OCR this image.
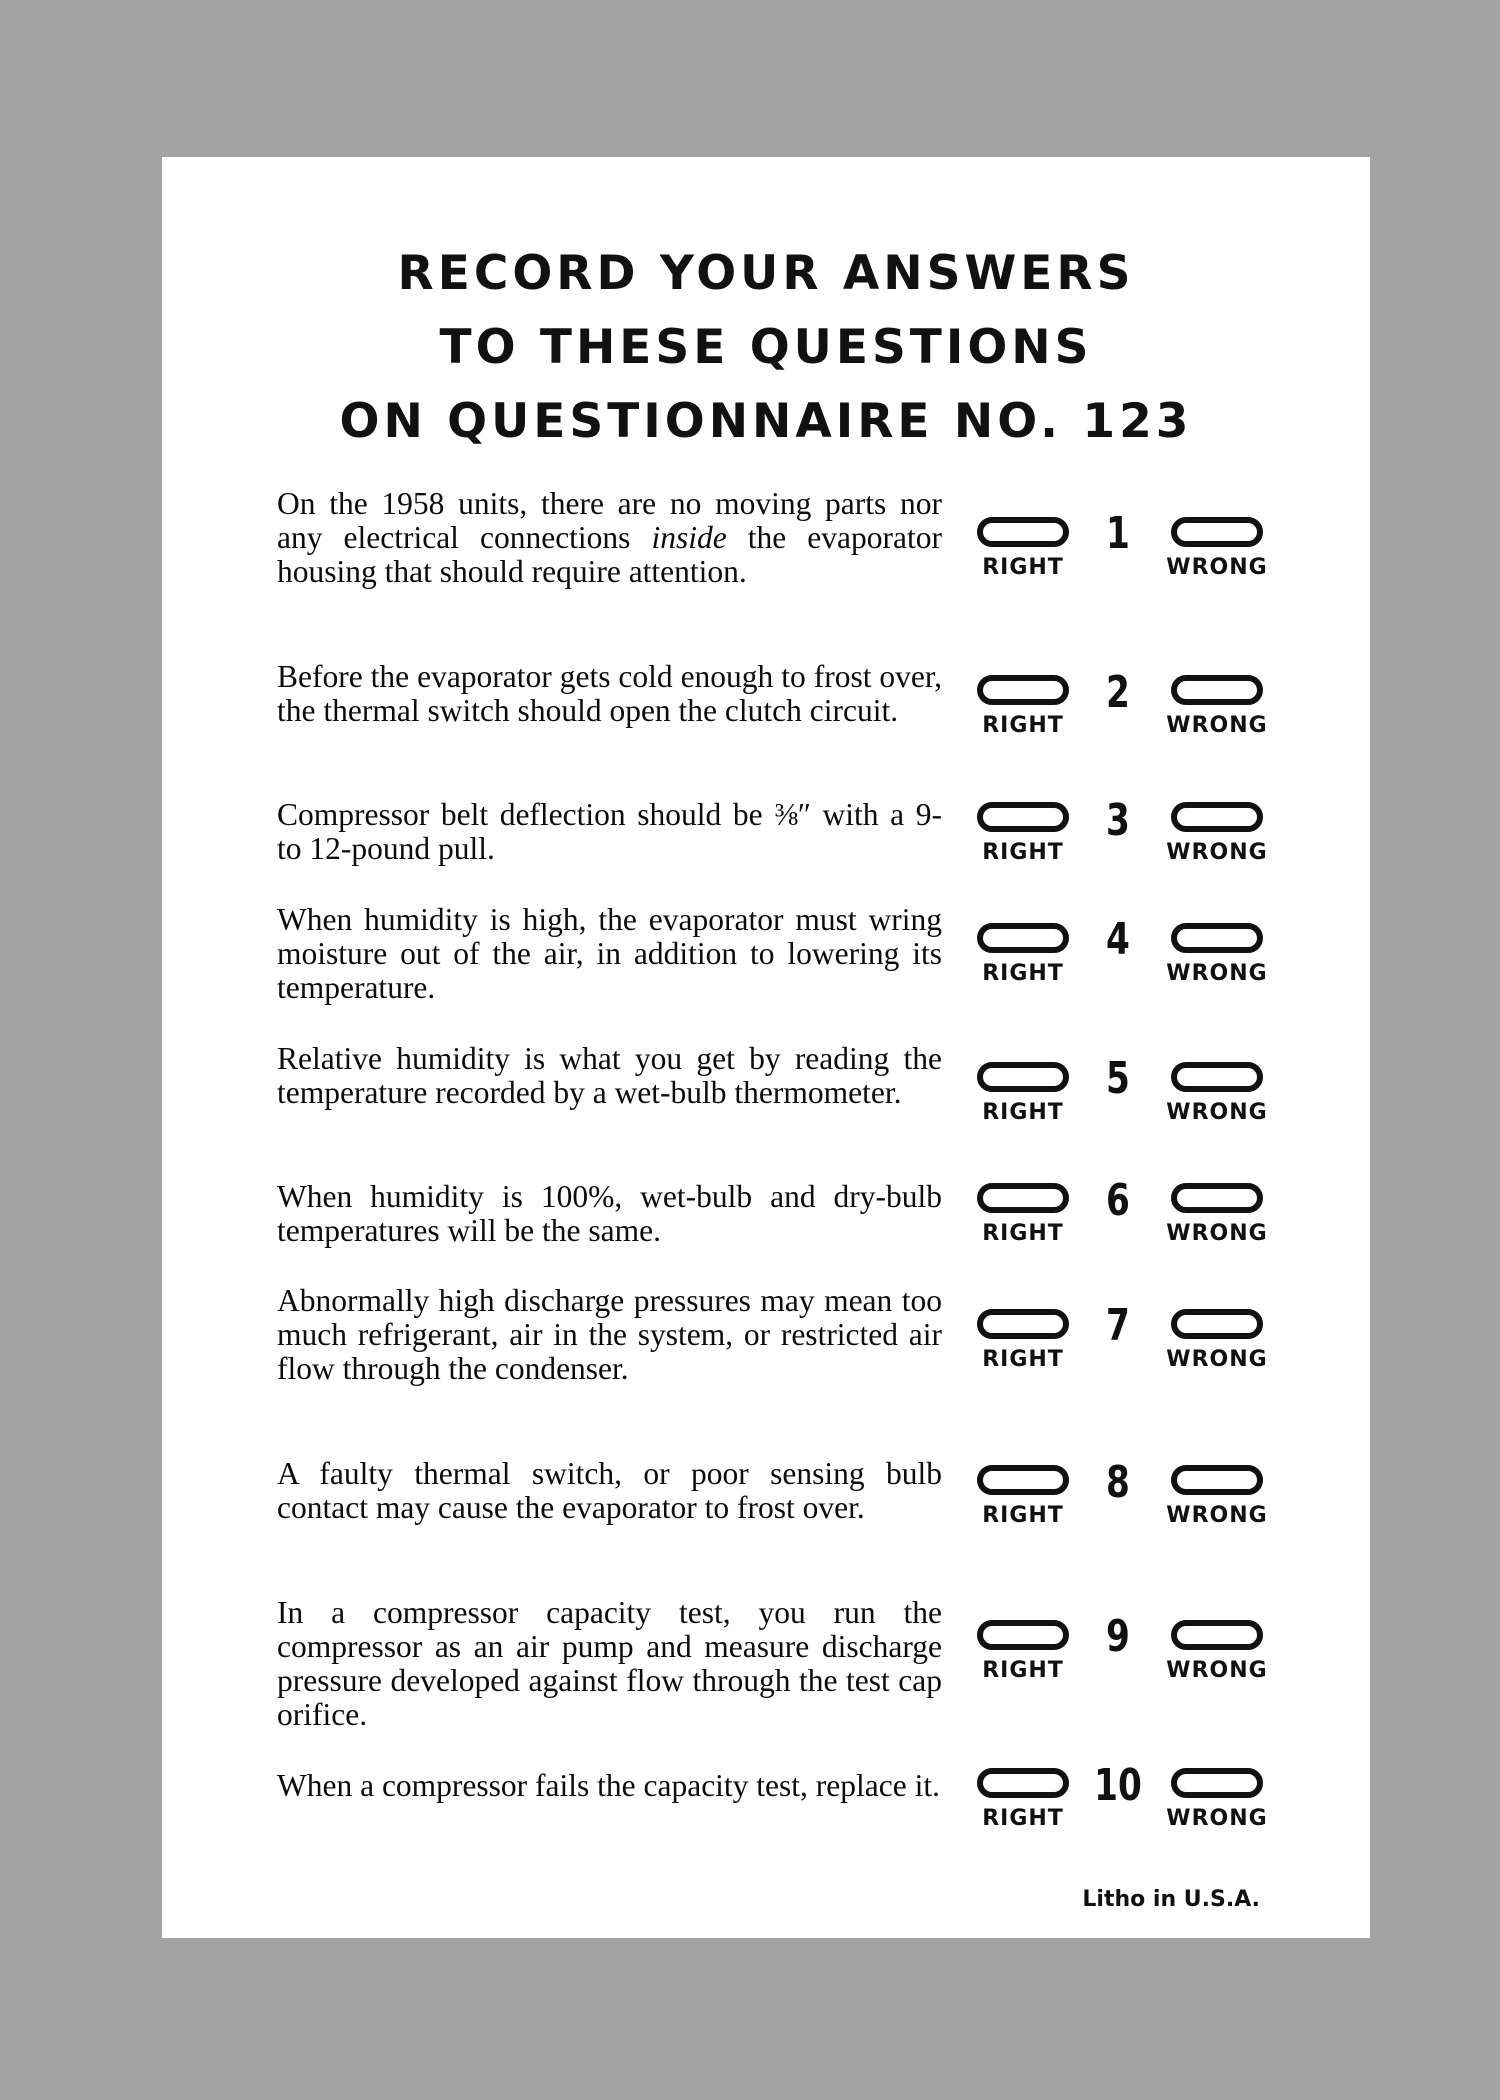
RECORD YOUR ANSWERS
TO THESE QUESTIONS
ON QUESTIONNAIRE NO. 123
On the 1958 units, there are no moving parts nor any electrical connections inside the evaporator housing that should require attention.	RIGHT
1
WRONG
Before the evaporator gets cold enough to frost over, the thermal switch should open the clutch circuit.	RIGHT
2
WRONG
Compressor belt deflection should be ⅜″ with a 9- to 12-pound pull.	RIGHT
3
WRONG
When humidity is high, the evaporator must wring moisture out of the air, in addition to lowering its temperature.	RIGHT
4
WRONG
Relative humidity is what you get by reading the temperature recorded by a wet-bulb thermometer.
RIGHT
5
WRONG
When humidity is 100%, wet-bulb and dry-bulb temperatures will be the same.	RIGHT
6
WRONG
Abnormally high discharge pressures may mean too much refrigerant, air in the system, or restricted air flow through the condenser.	RIGHT
7
WRONG
A faulty thermal switch, or poor sensing bulb contact may cause the evaporator to frost over.	RIGHT
8
WRONG
In a compressor capacity test, you run the compressor as an air pump and measure discharge pressure developed against flow through the test cap orifice.
RIGHT
9
WRONG
When a compressor fails the capacity test, replace it.
RIGHT
10
WRONG
Litho in U.S.A.
